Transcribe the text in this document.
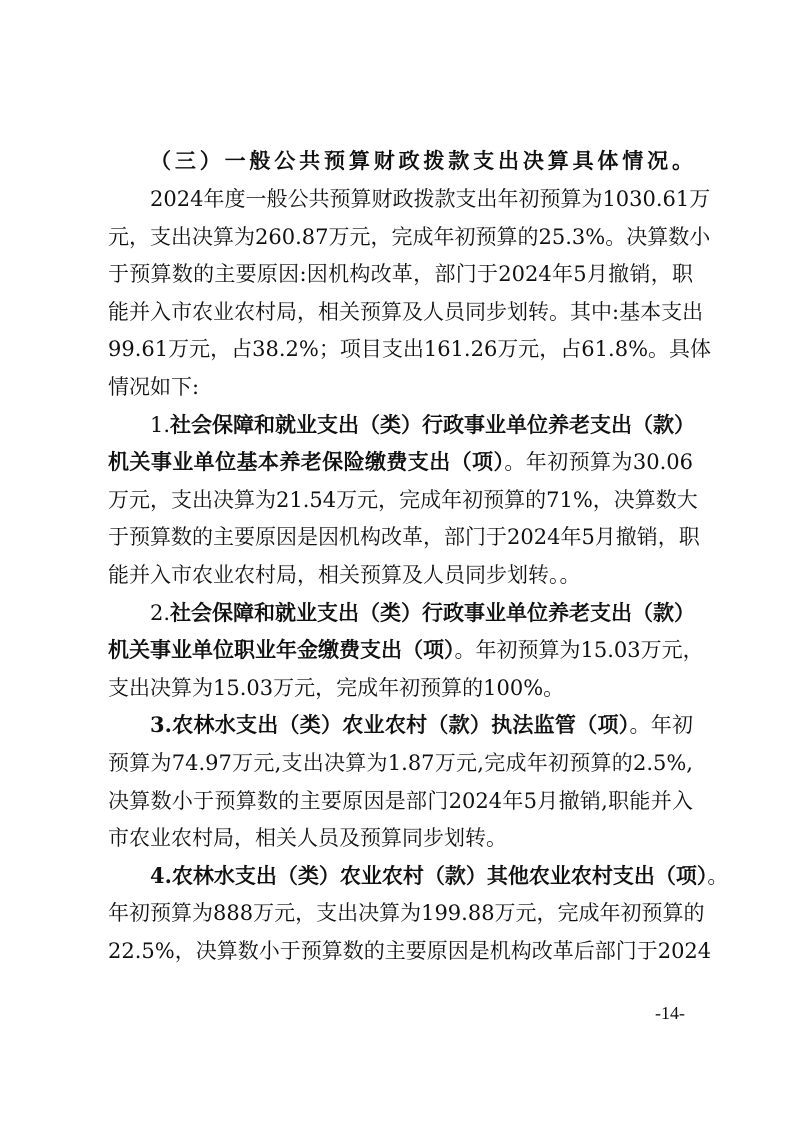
（三）一般公共预算财政拨款支出决算具体情况。
2024年度一般公共预算财政拨款支出年初预算为1030.61万
元，支出决算为260.87万元，完成年初预算的25.3%。决算数小
于预算数的主要原因:因机构改革，部门于2024年5月撤销，职
能并入市农业农村局，相关预算及人员同步划转。其中:基本支出
99.61万元，占38.2%；项目支出161.26万元，占61.8%。具体
情况如下:
1.社会保障和就业支出（类）行政事业单位养老支出（款）
机关事业单位基本养老保险缴费支出（项）。年初预算为30.06
万元，支出决算为21.54万元，完成年初预算的71%，决算数大
于预算数的主要原因是因机构改革，部门于2024年5月撤销，职
能并入市农业农村局，相关预算及人员同步划转。。
2.社会保障和就业支出（类）行政事业单位养老支出（款）
机关事业单位职业年金缴费支出（项）。年初预算为15.03万元，
支出决算为15.03万元，完成年初预算的100%。
3.农林水支出（类）农业农村（款）执法监管（项）。年初
预算为74.97万元,支出决算为1.87万元,完成年初预算的2.5%,
决算数小于预算数的主要原因是部门2024年5月撤销,职能并入
市农业农村局，相关人员及预算同步划转。
4.农林水支出（类）农业农村（款）其他农业农村支出（项）。
年初预算为888万元，支出决算为199.88万元，完成年初预算的
22.5%，决算数小于预算数的主要原因是机构改革后部门于2024
-14-
